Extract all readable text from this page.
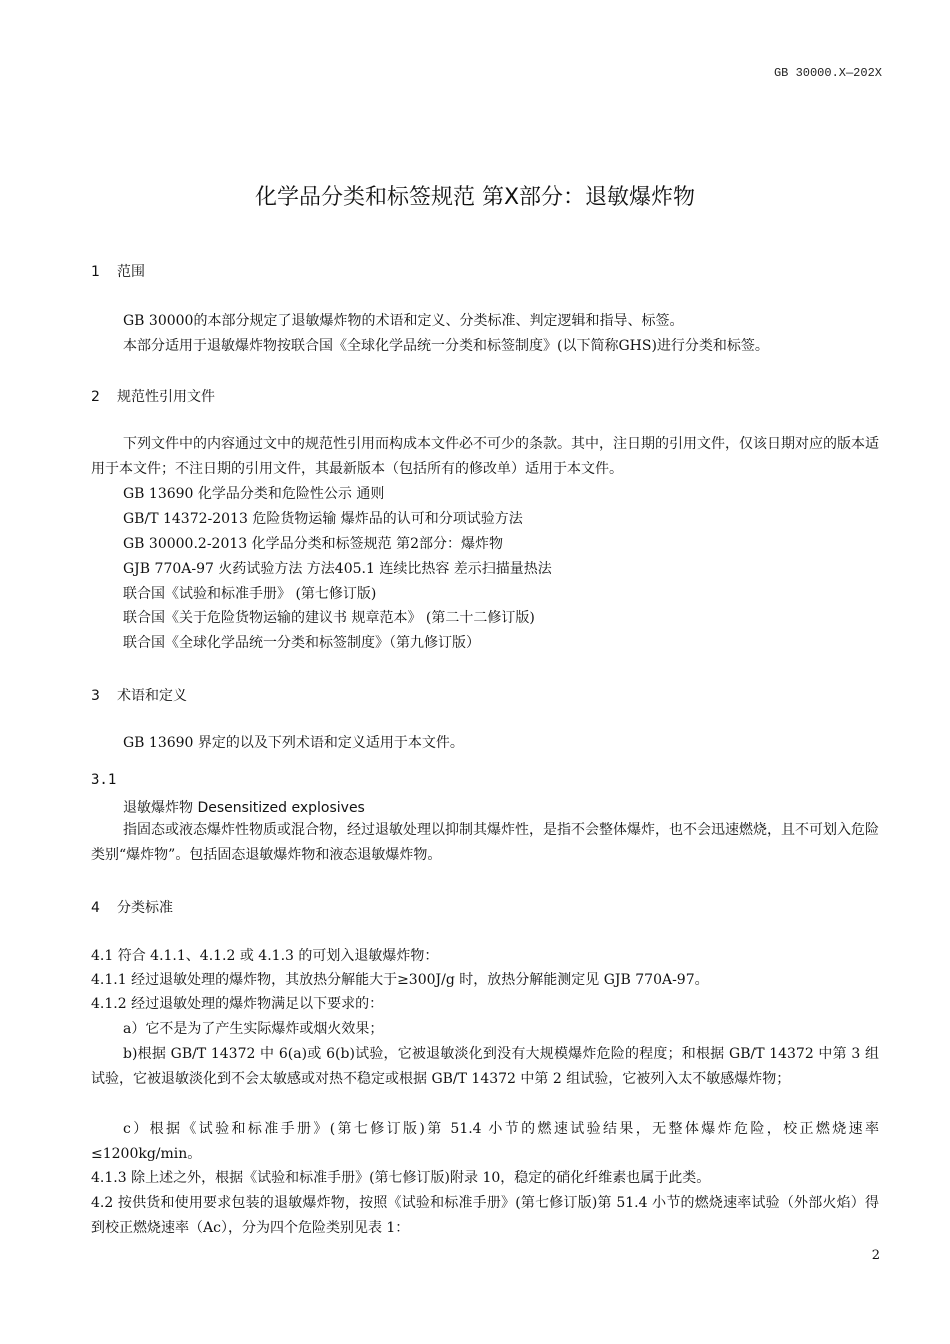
GB 30000.X—202X
化学品分类和标签规范 第X部分：退敏爆炸物
1 范围
GB 30000的本部分规定了退敏爆炸物的术语和定义、分类标准、判定逻辑和指导、标签。
本部分适用于退敏爆炸物按联合国《全球化学品统一分类和标签制度》(以下简称GHS)进行分类和标签。
2 规范性引用文件
下列文件中的内容通过文中的规范性引用而构成本文件必不可少的条款。其中，注日期的引用文件，仅该日期对应的版本适用于本文件；不注日期的引用文件，其最新版本（包括所有的修改单）适用于本文件。
GB 13690 化学品分类和危险性公示 通则
GB/T 14372-2013 危险货物运输 爆炸品的认可和分项试验方法
GB 30000.2-2013 化学品分类和标签规范 第2部分：爆炸物
GJB 770A-97 火药试验方法 方法405.1 连续比热容 差示扫描量热法
联合国《试验和标准手册》 (第七修订版)
联合国《关于危险货物运输的建议书 规章范本》 (第二十二修订版)
联合国《全球化学品统一分类和标签制度》（第九修订版）
3 术语和定义
GB 13690 界定的以及下列术语和定义适用于本文件。
3.1
退敏爆炸物 Desensitized explosives
指固态或液态爆炸性物质或混合物，经过退敏处理以抑制其爆炸性，是指不会整体爆炸，也不会迅速燃烧，且不可划入危险类别“爆炸物”。包括固态退敏爆炸物和液态退敏爆炸物。
4 分类标准
4.1 符合 4.1.1、4.1.2 或 4.1.3 的可划入退敏爆炸物：
4.1.1 经过退敏处理的爆炸物，其放热分解能大于≥300J/g 时，放热分解能测定见 GJB 770A-97。
4.1.2 经过退敏处理的爆炸物满足以下要求的：
a）它不是为了产生实际爆炸或烟火效果；
b)根据 GB/T 14372 中 6(a)或 6(b)试验，它被退敏淡化到没有大规模爆炸危险的程度；和根据 GB/T 14372 中第 3 组试验，它被退敏淡化到不会太敏感或对热不稳定或根据 GB/T 14372 中第 2 组试验，它被列入太不敏感爆炸物；
c）根据《试验和标准手册》(第七修订版)第 51.4 小节的燃速试验结果，无整体爆炸危险，校正燃烧速率≤1200kg/min。
4.1.3 除上述之外，根据《试验和标准手册》(第七修订版)附录 10，稳定的硝化纤维素也属于此类。
4.2 按供货和使用要求包装的退敏爆炸物，按照《试验和标准手册》(第七修订版)第 51.4 小节的燃烧速率试验（外部火焰）得到校正燃烧速率（Ac），分为四个危险类别见表 1：
2
